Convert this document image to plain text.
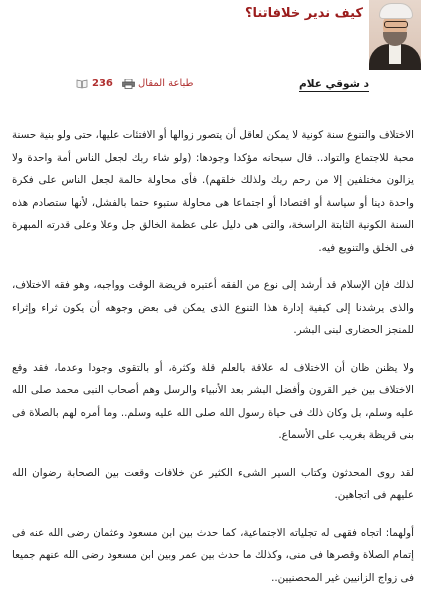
كيف ندير خلافاتنا؟
د شوقي علام
طباعة المقال
236

الاختلاف والتنوع سنة كونية لا يمكن لعاقل أن يتصور زوالها أو الافتئات عليها، حتى ولو بنية حسنة محبة للاجتماع والتواد.. قال سبحانه مؤكدا وجودها: (ولو شاء ربك لجعل الناس أمة واحدة ولا يزالون مختلفين إلا من رحم ربك ولذلك خلقهم). فأى محاولة حالمة لجعل الناس على فكرة واحدة دينا أو سياسة أو اقتصادا أو اجتماعا هى محاولة ستبوء حتما بالفشل، لأنها ستصادم هذه السنة الكونية الثابتة الراسخة، والتى هى دليل على عظمة الخالق جل وعلا وعلى قدرته المبهرة فى الخلق والتنويع فيه.

لذلك فإن الإسلام قد أرشد إلى نوع من الفقه أعتبره فريضة الوقت وواجبه، وهو فقه الاختلاف، والذى يرشدنا إلى كيفية إدارة هذا التنوع الذى يمكن فى بعض وجوهه أن يكون ثراء وإثراء للمنجز الحضارى لبنى البشر.

ولا يظنن ظان أن الاختلاف له علاقة بالعلم قلة وكثرة، أو بالتقوى وجودا وعدما، فقد وقع الاختلاف بين خير القرون وأفضل البشر بعد الأنبياء والرسل وهم أصحاب النبى محمد صلى الله عليه وسلم، بل وكان ذلك فى حياة رسول الله صلى الله عليه وسلم.. وما أمره لهم بالصلاة فى بنى قريظة بغريب على الأسماع.

لقد روى المحدثون وكتاب السير الشىء الكثير عن خلافات وقعت بين الصحابة رضوان الله عليهم فى اتجاهين.

أولهما: اتجاه فقهى له تجلياته الاجتماعية، كما حدث بين ابن مسعود وعثمان رضى الله عنه فى إتمام الصلاة وقصرها فى منى، وكذلك ما حدث بين عمر وبين ابن مسعود رضى الله عنهم جميعا فى زواج الزانيين غير المحصنيين..
